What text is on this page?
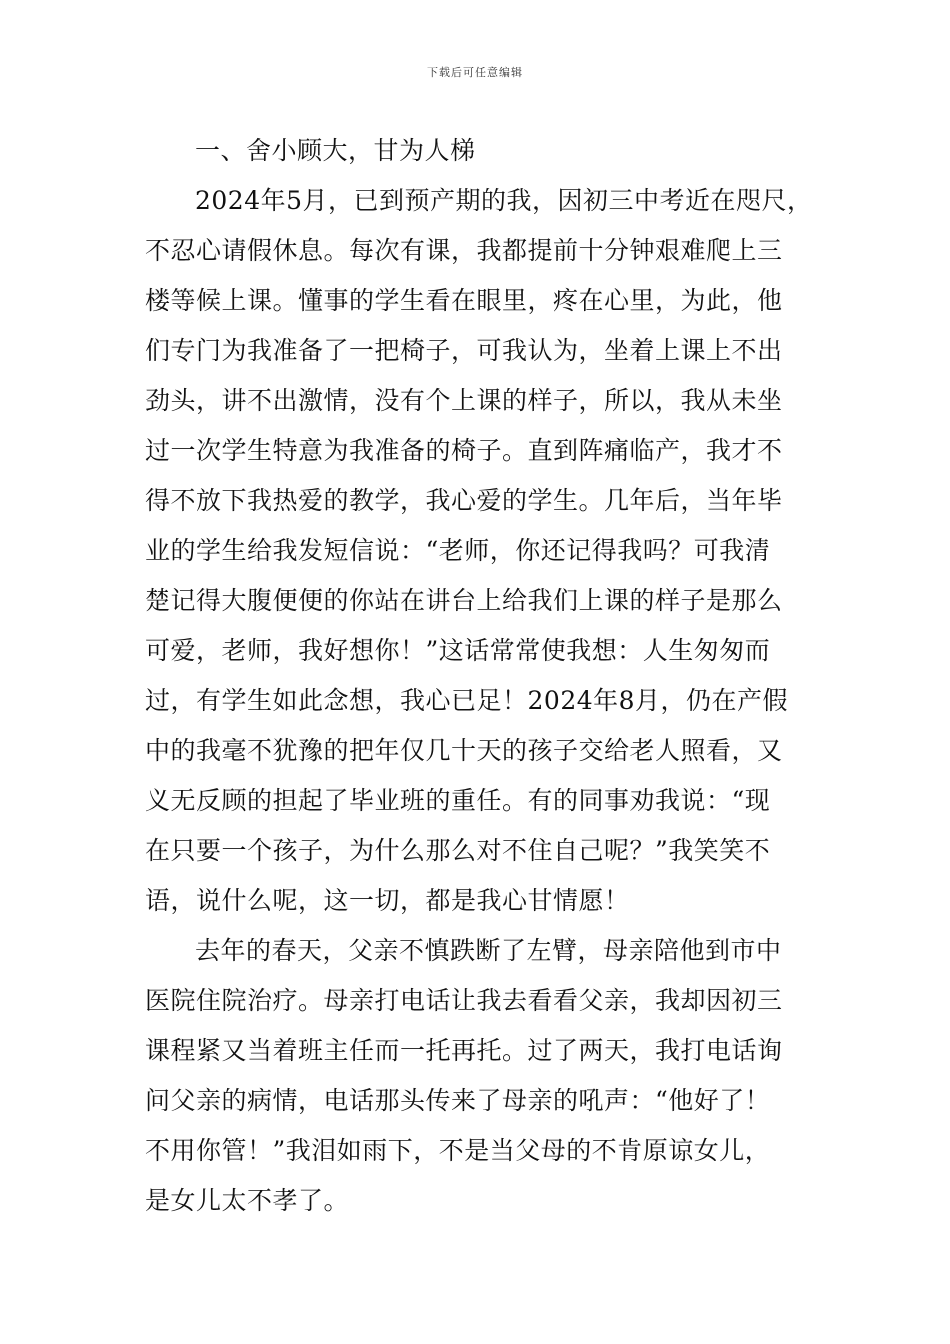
下载后可任意编辑
一、舍小顾大，甘为人梯
2024年5月，已到预产期的我，因初三中考近在咫尺，
不忍心请假休息。每次有课，我都提前十分钟艰难爬上三
楼等候上课。懂事的学生看在眼里，疼在心里，为此，他
们专门为我准备了一把椅子，可我认为，坐着上课上不出
劲头，讲不出激情，没有个上课的样子，所以，我从未坐
过一次学生特意为我准备的椅子。直到阵痛临产，我才不
得不放下我热爱的教学，我心爱的学生。几年后，当年毕
业的学生给我发短信说：“老师，你还记得我吗？可我清
楚记得大腹便便的你站在讲台上给我们上课的样子是那么
可爱，老师，我好想你！”这话常常使我想：人生匆匆而
过，有学生如此念想，我心已足！2024年8月，仍在产假
中的我毫不犹豫的把年仅几十天的孩子交给老人照看，又
义无反顾的担起了毕业班的重任。有的同事劝我说：“现
在只要一个孩子，为什么那么对不住自己呢？”我笑笑不
语，说什么呢，这一切，都是我心甘情愿！
去年的春天，父亲不慎跌断了左臂，母亲陪他到市中
医院住院治疗。母亲打电话让我去看看父亲，我却因初三
课程紧又当着班主任而一托再托。过了两天，我打电话询
问父亲的病情，电话那头传来了母亲的吼声：“他好了！
不用你管！”我泪如雨下，不是当父母的不肯原谅女儿，
是女儿太不孝了。
